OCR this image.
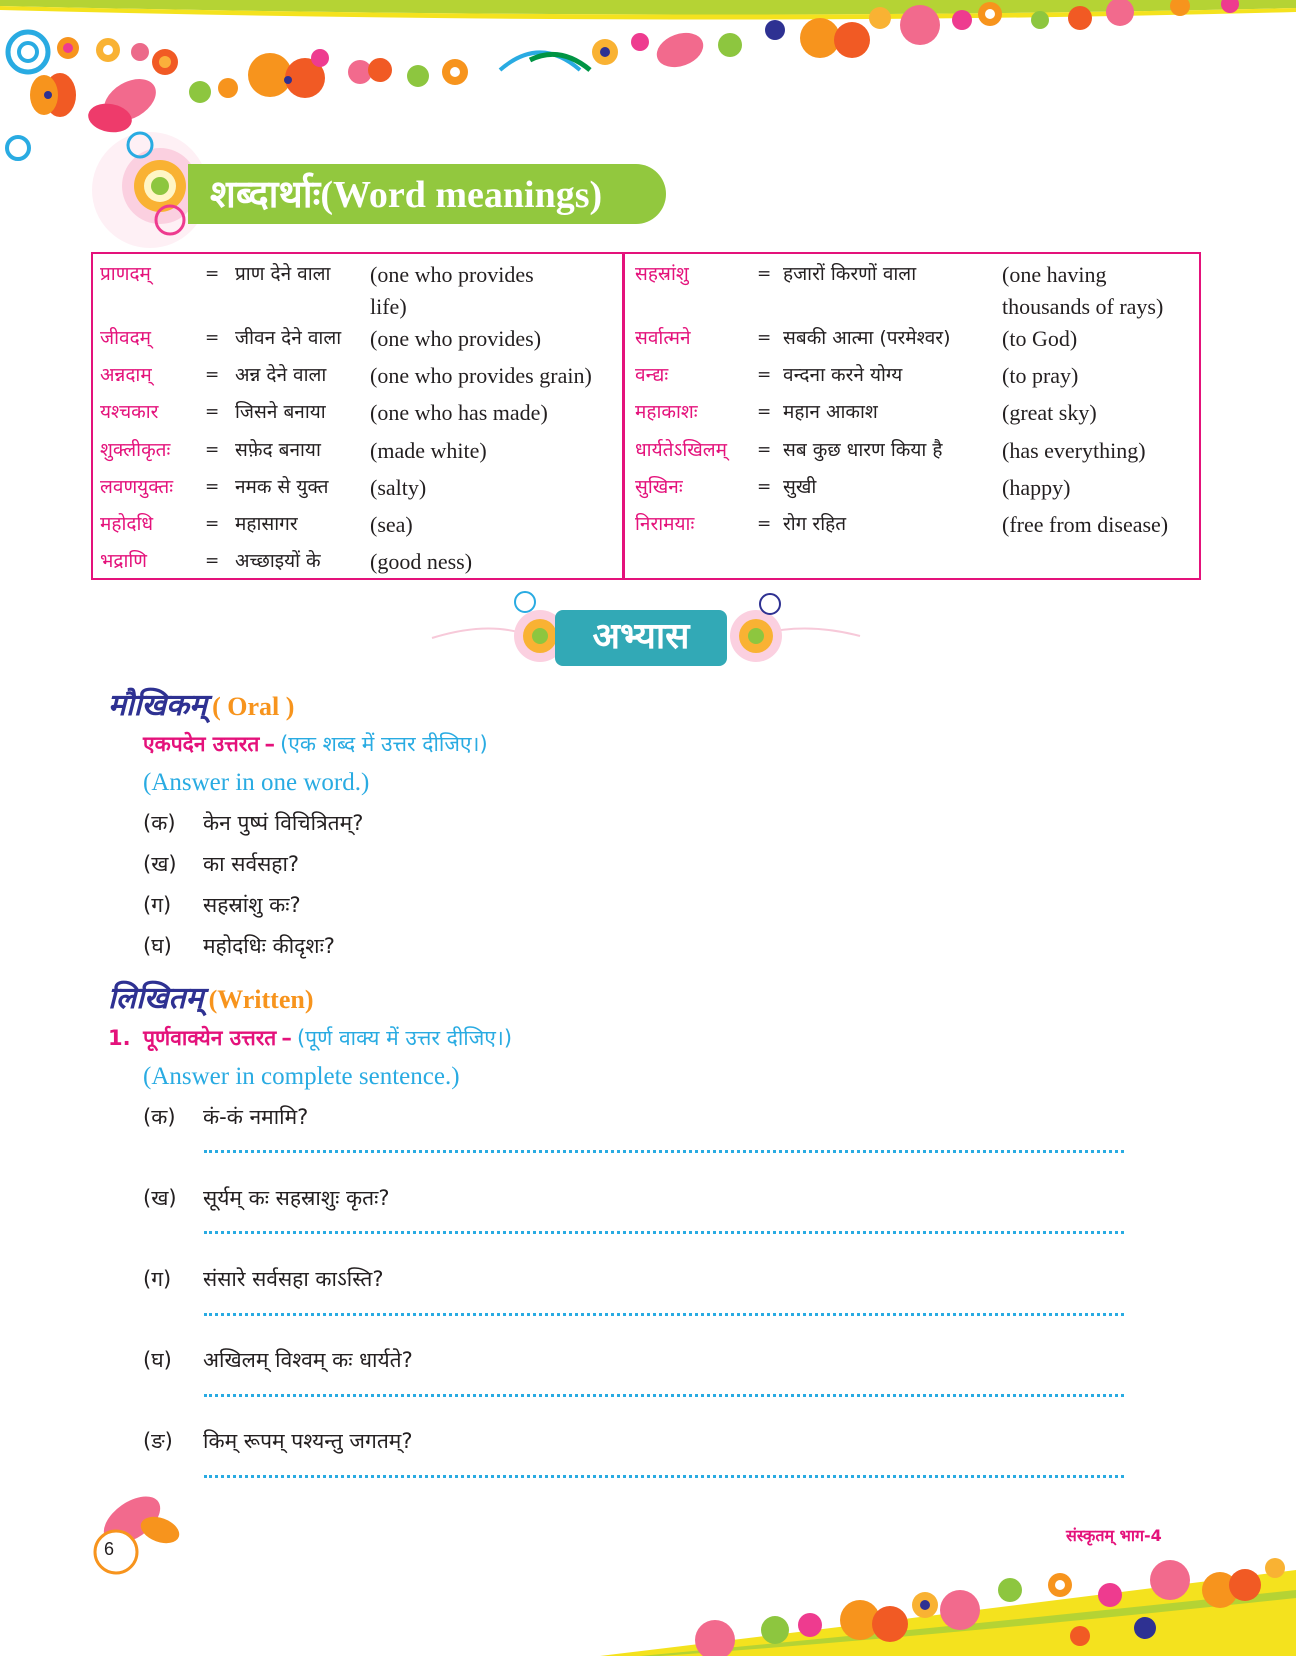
शब्दार्थाः(Word meanings)
प्राणदम्	= प्राण देने वाला (one who provides life)
जीवदम्	= जीवन देने वाला (one who provides)
अन्नदाम्	= अन्न देने वाला (one who provides grain)
यश्चकार	= जिसने बनाया (one who has made)
शुक्लीकृतः = सफ़ेद बनाया (made white)
लवणयुक्तः = नमक से युक्त (salty)
महोदधि	= महासागर	(sea)
भद्राणि	= अच्छाइयों के (good ness)
सहस्रांशु	= हजारों किरणों वाला	(one having thousands of rays)
सर्वात्मने	= सबकी आत्मा (परमेश्वर) (to God)
वन्द्यः	= वन्दना करने योग्य	(to pray)
महाकाशः	= महान आकाश	(great sky)
धार्यतेऽखिलम् = सब कुछ धारण किया है	(has everything)
सुखिनः	= सुखी	(happy)
निरामयाः	= रोग रहित	(free from disease)
अभ्यास
मौखिकम् ( Oral )
एकपदेन उत्तरत – (एक शब्द में उत्तर दीजिए।)
(Answer in one word.)
(क) केन पुष्पं विचित्रितम्?
(ख) का सर्वसहा?
(ग) सहस्रांशु कः?
(घ) महोदधिः कीदृशः?
लिखितम् (Written)
1. पूर्णवाक्येन उत्तरत – (पूर्ण वाक्य में उत्तर दीजिए।)
(Answer in complete sentence.)
(क) कं-कं नमामि?
(ख) सूर्यम् कः सहस्राशुः कृतः?
(ग) संसारे सर्वसहा काऽस्ति?
(घ) अखिलम् विश्वम् कः धार्यते?
(ङ) किम् रूपम् पश्यन्तु जगतम्?
6
संस्कृतम् भाग-4
